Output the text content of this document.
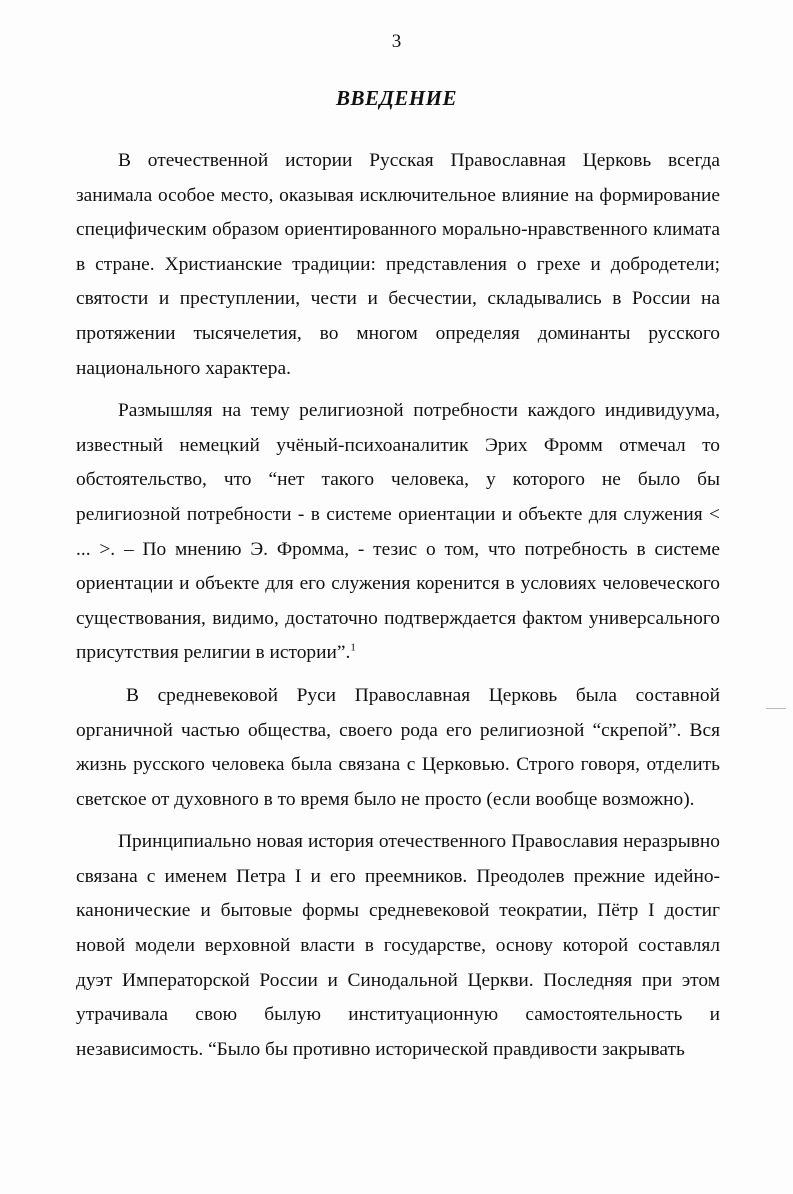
3
ВВЕДЕНИЕ

В отечественной истории Русская Православная Церковь всегда занимала особое место, оказывая исключительное влияние на формирование специфическим образом ориентированного морально-нравственного климата в стране. Христианские традиции: представления о грехе и добродетели; святости и преступлении, чести и бесчестии, складывались в России на протяжении тысячелетия, во многом определяя доминанты русского национального характера.

Размышляя на тему религиозной потребности каждого индивидуума, известный немецкий учёный-психоаналитик Эрих Фромм отмечал то обстоятельство, что “нет такого человека, у которого не было бы религиозной потребности - в системе ориентации и объекте для служения < ... >. – По мнению Э. Фромма, - тезис о том, что потребность в системе ориентации и объекте для его служения коренится в условиях человеческого существования, видимо, достаточно подтверждается фактом универсального присутствия религии в истории”.$^1$

В средневековой Руси Православная Церковь была составной органичной частью общества, своего рода его религиозной “скрепой”. Вся жизнь русского человека была связана с Церковью. Строго говоря, отделить светское от духовного в то время было не просто (если вообще возможно).

Принципиально новая история отечественного Православия неразрывно связана с именем Петра I и его преемников. Преодолев прежние идейно-канонические и бытовые формы средневековой теократии, Пётр I достиг новой модели верховной власти в государстве, основу которой составлял дуэт Императорской России и Синодальной Церкви. Последняя при этом утрачивала свою былую институационную самостоятельность и независимость. “Было бы противно исторической правдивости закрывать
